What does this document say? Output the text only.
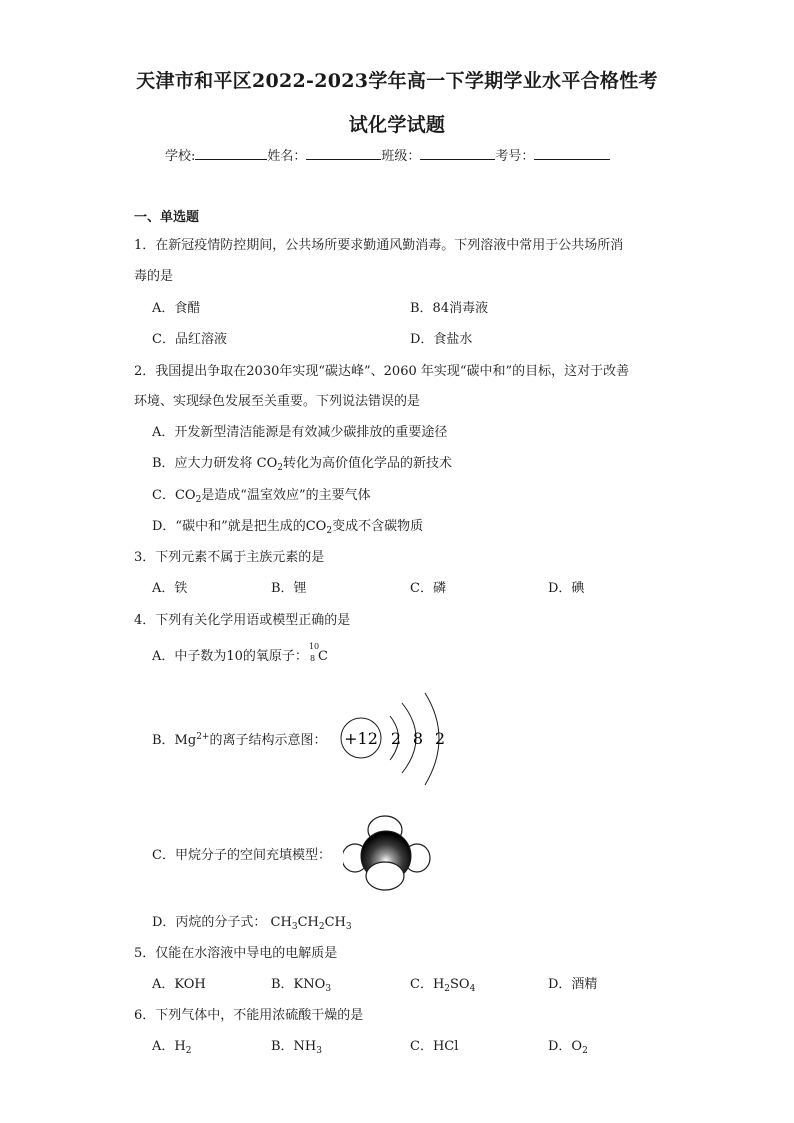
天津市和平区2022-2023学年高一下学期学业水平合格性考
试化学试题
学校:	姓名：	班级：	考号：
一、单选题
1．在新冠疫情防控期间，公共场所要求勤通风勤消毒。下列溶液中常用于公共场所消
毒的是
A．食醋	B．84消毒液
C．品红溶液	D．食盐水
2．我国提出争取在2030年实现“碳达峰”、2060 年实现“碳中和”的目标，这对于改善
环境、实现绿色发展至关重要。下列说法错误的是
A．开发新型清洁能源是有效减少碳排放的重要途径
B．应大力研发将 $CO_2$转化为高价值化学品的新技术
C．$CO_2$是造成“温室效应”的主要气体
D．“碳中和”就是把生成的$CO_2$变成不含碳物质
3．下列元素不属于主族元素的是
A．铁	B．锂	C．磷	D．碘
4．下列有关化学用语或模型正确的是
A．中子数为10的氧原子：
10
8 C
B．$Mg^{2+}$的离子结构示意图： +12 2 8 2
C．甲烷分子的空间充填模型：
D．丙烷的分子式： $CH_3CH_2CH_3$
5．仅能在水溶液中导电的电解质是
A．KOH	B．$KNO_3$	C．$H_2SO_4$	D．酒精
6．下列气体中，不能用浓硫酸干燥的是
A．$H_2$	B．$NH_3$	C．HCl	D．$O_2$
